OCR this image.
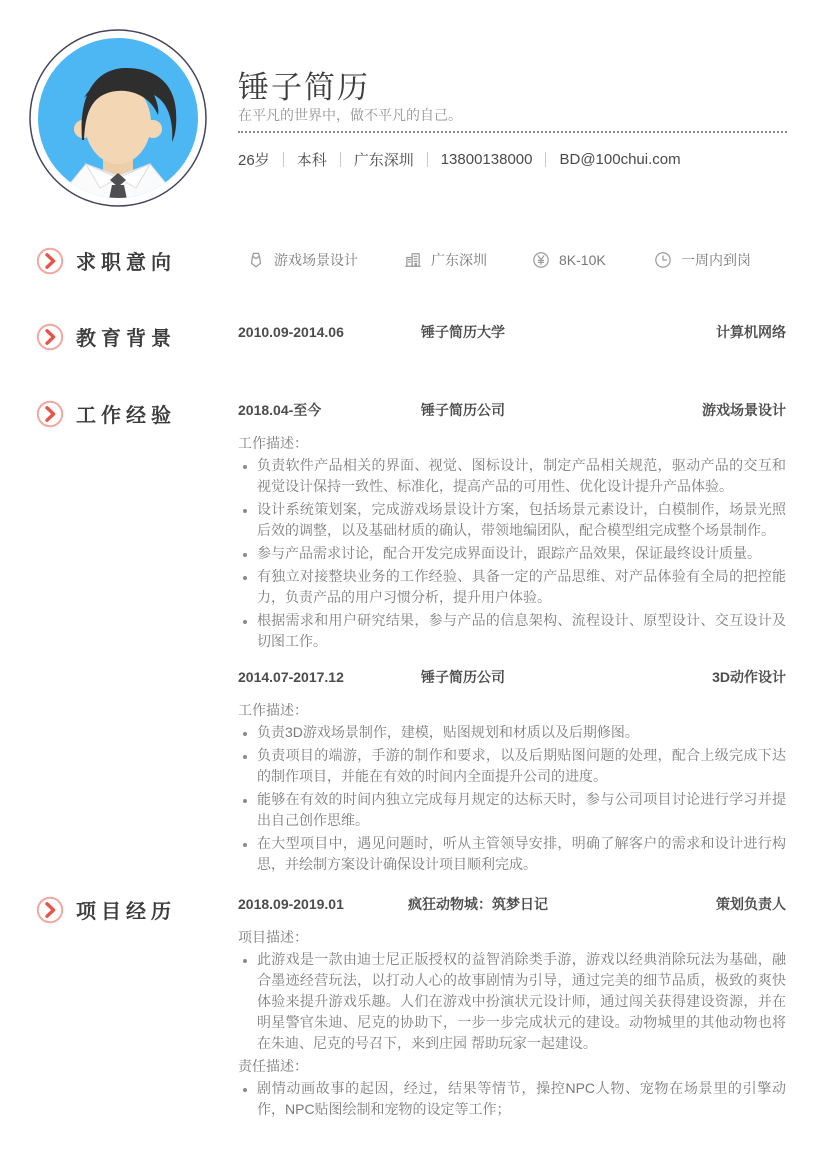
锤子简历
在平凡的世界中，做不平凡的自己。
26岁 本科 广东深圳 13800138000 BD@100chui.com
求职意向
教育背景
工作经验
项目经历
游戏场景设计	广东深圳	8K-10K	一周内到岗
2010.09-2014.06	锤子简历大学	计算机网络
2018.04-至今	锤子简历公司	游戏场景设计
工作描述：
• 负责软件产品相关的界面、视觉、图标设计，制定产品相关规范，驱动产品的交互和视觉设计保持一致性、标准化，提高产品的可用性、优化设计提升产品体验。
• 设计系统策划案，完成游戏场景设计方案，包括场景元素设计，白模制作，场景光照后效的调整，以及基础材质的确认，带领地编团队，配合模型组完成整个场景制作。
• 参与产品需求讨论，配合开发完成界面设计，跟踪产品效果，保证最终设计质量。
• 有独立对接整块业务的工作经验、具备一定的产品思维、对产品体验有全局的把控能力，负责产品的用户习惯分析，提升用户体验。
• 根据需求和用户研究结果，参与产品的信息架构、流程设计、原型设计、交互设计及切图工作。
2014.07-2017.12	锤子简历公司	3D动作设计
工作描述：
• 负责3D游戏场景制作，建模，贴图规划和材质以及后期修图。
• 负责项目的端游，手游的制作和要求，以及后期贴图问题的处理，配合上级完成下达的制作项目，并能在有效的时间内全面提升公司的进度。
• 能够在有效的时间内独立完成每月规定的达标天时，参与公司项目讨论进行学习并提出自己创作思维。
• 在大型项目中，遇见问题时，听从主管领导安排，明确了解客户的需求和设计进行构思，并绘制方案设计确保设计项目顺利完成。
2018.09-2019.01	疯狂动物城：筑梦日记	策划负责人
项目描述：
• 此游戏是一款由迪士尼正版授权的益智消除类手游，游戏以经典消除玩法为基础，融合墨迹经营玩法，以打动人心的故事剧情为引导，通过完美的细节品质，极致的爽快体验来提升游戏乐趣。人们在游戏中扮演状元设计师，通过闯关获得建设资源，并在明星警官朱迪、尼克的协助下，一步一步完成状元的建设。动物城里的其他动物也将在朱迪、尼克的号召下，来到庄园 帮助玩家一起建设。
责任描述：
• 剧情动画故事的起因，经过，结果等情节，操控NPC人物、宠物在场景里的引擎动作，NPC贴图绘制和宠物的设定等工作；
